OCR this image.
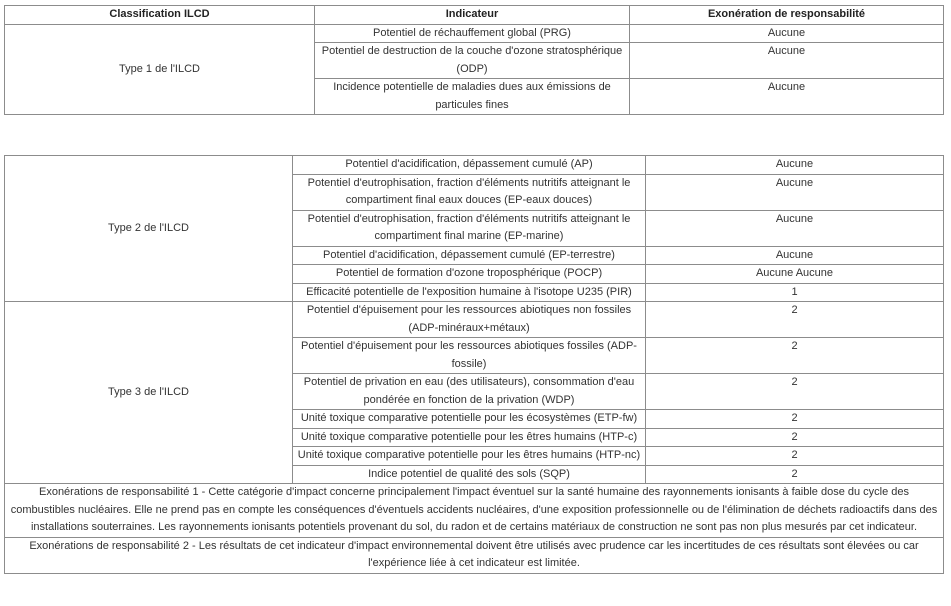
Classification ILCD	Indicateur	Exonération de responsabilité
Type 1 de l'ILCD	Potentiel de réchauffement global (PRG)	Aucune
	Potentiel de destruction de la couche d'ozone stratosphérique (ODP)	Aucune
	Incidence potentielle de maladies dues aux émissions de particules fines	Aucune
Type 2 de l'ILCD	Potentiel d'acidification, dépassement cumulé (AP)	Aucune
	Potentiel d'eutrophisation, fraction d'éléments nutritifs atteignant le compartiment final eaux douces (EP-eaux douces)	Aucune
	Potentiel d'eutrophisation, fraction d'éléments nutritifs atteignant le compartiment final marine (EP-marine)	Aucune
	Potentiel d'acidification, dépassement cumulé (EP-terrestre)	Aucune
	Potentiel de formation d'ozone troposphérique (POCP)	Aucune Aucune
	Efficacité potentielle de l'exposition humaine à l'isotope U235 (PIR)	1
Type 3 de l'ILCD	Potentiel d'épuisement pour les ressources abiotiques non fossiles (ADP-minéraux+métaux)	2
	Potentiel d'épuisement pour les ressources abiotiques fossiles (ADP-fossile)	2
	Potentiel de privation en eau (des utilisateurs), consommation d'eau pondérée en fonction de la privation (WDP)	2
	Unité toxique comparative potentielle pour les écosystèmes (ETP-fw)	2
	Unité toxique comparative potentielle pour les êtres humains (HTP-c)	2
	Unité toxique comparative potentielle pour les êtres humains (HTP-nc)	2
	Indice potentiel de qualité des sols (SQP)	2
Exonérations de responsabilité 1 - Cette catégorie d'impact concerne principalement l'impact éventuel sur la santé humaine des rayonnements ionisants à faible dose du cycle des combustibles nucléaires. Elle ne prend pas en compte les conséquences d'éventuels accidents nucléaires, d'une exposition professionnelle ou de l'élimination de déchets radioactifs dans des installations souterraines. Les rayonnements ionisants potentiels provenant du sol, du radon et de certains matériaux de construction ne sont pas non plus mesurés par cet indicateur.		
Exonérations de responsabilité 2 - Les résultats de cet indicateur d'impact environnemental doivent être utilisés avec prudence car les incertitudes de ces résultats sont élevées ou car l'expérience liée à cet indicateur est limitée.		
